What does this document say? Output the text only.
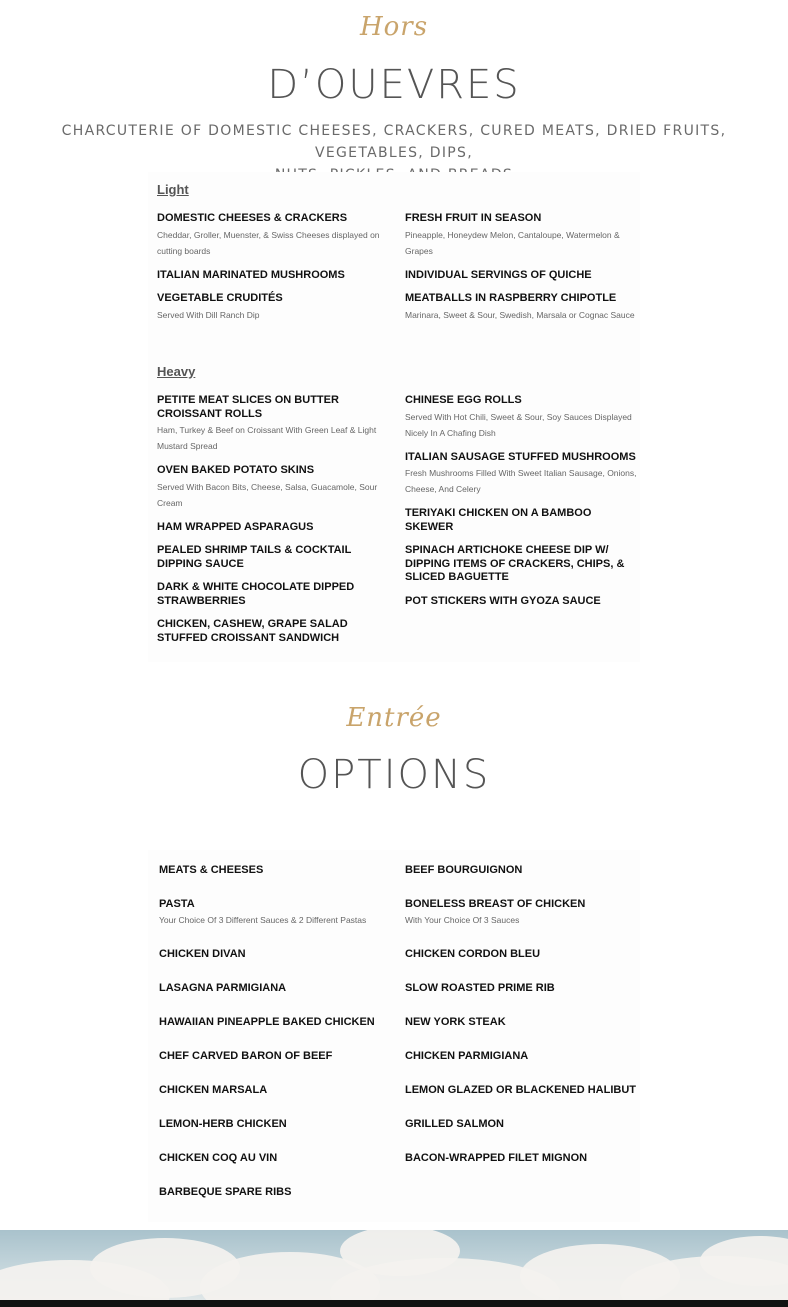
Hors
D’OUEVRES
CHARCUTERIE OF DOMESTIC CHEESES, CRACKERS, CURED MEATS, DRIED FRUITS, VEGETABLES, DIPS,
Light
DOMESTIC CHEESES & CRACKERS
Cheddar, Groller, Muenster, & Swiss Cheeses displayed on cutting boards
ITALIAN MARINATED MUSHROOMS
VEGETABLE CRUDITÉS
Served With Dill Ranch Dip
FRESH FRUIT IN SEASON
Pineapple, Honeydew Melon, Cantaloupe, Watermelon & Grapes
INDIVIDUAL SERVINGS OF QUICHE
MEATBALLS IN RASPBERRY CHIPOTLE
Marinara, Sweet & Sour, Swedish, Marsala or Cognac Sauce
Heavy
PETITE MEAT SLICES ON BUTTER CROISSANT ROLLS
Ham, Turkey & Beef on Croissant With Green Leaf & Light Mustard Spread
OVEN BAKED POTATO SKINS
Served With Bacon Bits, Cheese, Salsa, Guacamole, Sour Cream
HAM WRAPPED ASPARAGUS
PEALED SHRIMP TAILS & COCKTAIL DIPPING SAUCE
DARK & WHITE CHOCOLATE DIPPED STRAWBERRIES
CHICKEN, CASHEW, GRAPE SALAD STUFFED CROISSANT SANDWICH
CHINESE EGG ROLLS
Served With Hot Chili, Sweet & Sour, Soy Sauces Displayed Nicely In A Chafing Dish
ITALIAN SAUSAGE STUFFED MUSHROOMS
Fresh Mushrooms Filled With Sweet Italian Sausage, Onions, Cheese, And Celery
TERIYAKI CHICKEN ON A BAMBOO SKEWER
SPINACH ARTICHOKE CHEESE DIP W/ DIPPING ITEMS OF CRACKERS, CHIPS, & SLICED BAGUETTE
POT STICKERS WITH GYOZA SAUCE
Entrée
OPTIONS
MEATS & CHEESES
PASTA
Your Choice Of 3 Different Sauces & 2 Different Pastas
CHICKEN DIVAN
LASAGNA PARMIGIANA
HAWAIIAN PINEAPPLE BAKED CHICKEN
CHEF CARVED BARON OF BEEF
CHICKEN MARSALA
LEMON-HERB CHICKEN
CHICKEN COQ AU VIN
BARBEQUE SPARE RIBS
BEEF BOURGUIGNON
BONELESS BREAST OF CHICKEN
With Your Choice Of 3 Sauces
CHICKEN CORDON BLEU
SLOW ROASTED PRIME RIB
NEW YORK STEAK
CHICKEN PARMIGIANA
LEMON GLAZED OR BLACKENED HALIBUT
GRILLED SALMON
BACON-WRAPPED FILET MIGNON
